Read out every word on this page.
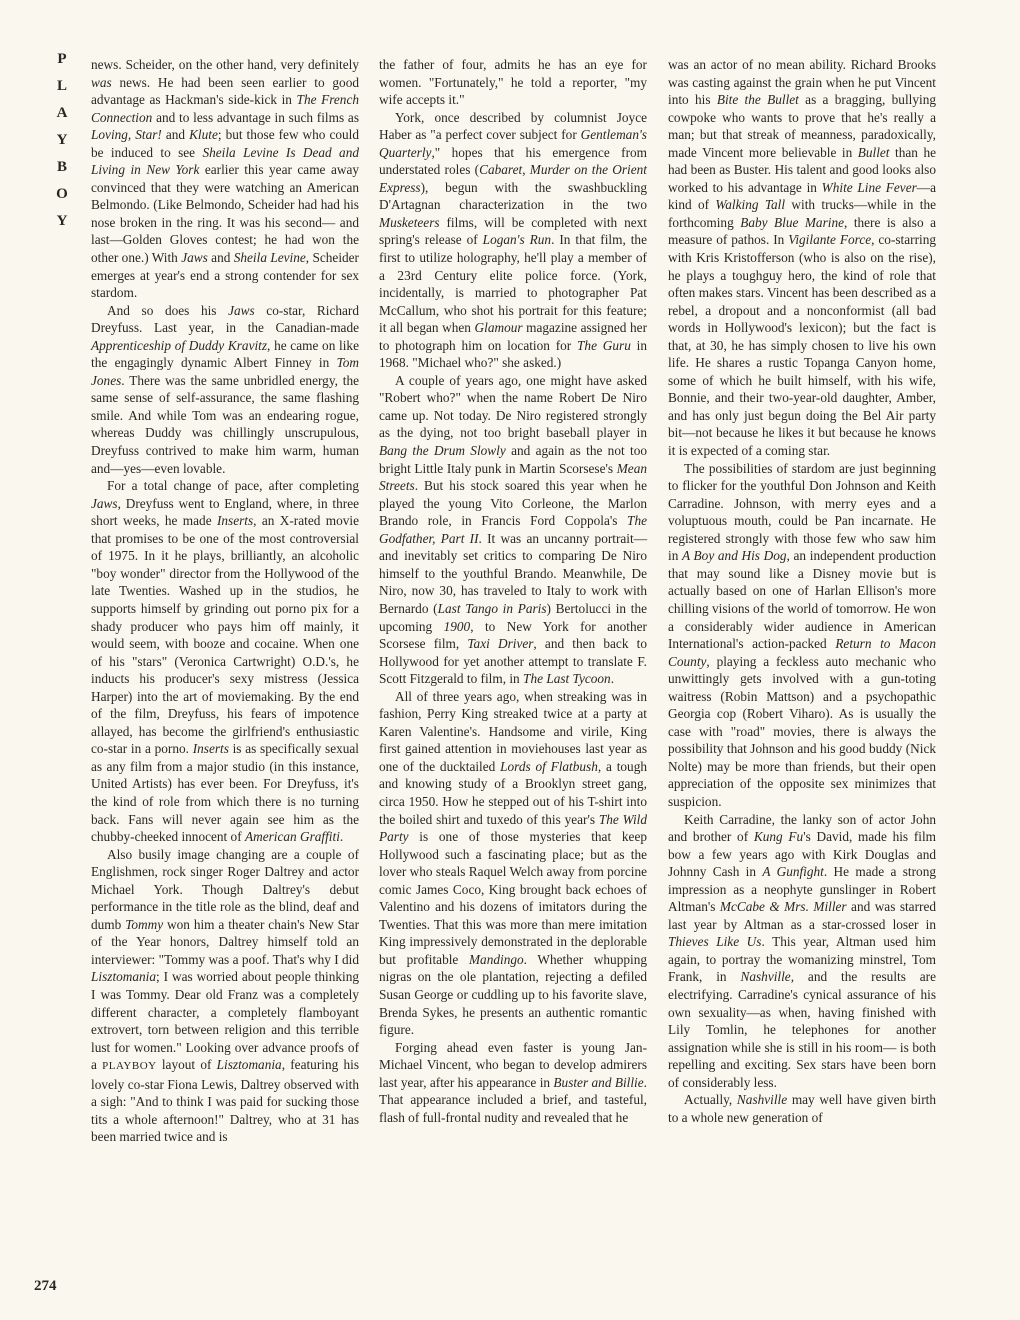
P
L
A
Y
B
O
Y
274

news. Scheider, on the other hand, very definitely was news. He had been seen earlier to good advantage as Hackman's side-kick in The French Connection and to less advantage in such films as Loving, Star! and Klute; but those few who could be induced to see Sheila Levine Is Dead and Living in New York earlier this year came away convinced that they were watching an American Belmondo. (Like Belmondo, Scheider had had his nose broken in the ring. It was his second— and last—Golden Gloves contest; he had won the other one.) With Jaws and Sheila Levine, Scheider emerges at year's end a strong contender for sex stardom.

And so does his Jaws co-star, Richard Dreyfuss. Last year, in the Canadian-made Apprenticeship of Duddy Kravitz, he came on like the engagingly dynamic Albert Finney in Tom Jones. There was the same unbridled energy, the same sense of self-assurance, the same flashing smile. And while Tom was an endearing rogue, whereas Duddy was chillingly unscrupulous, Dreyfuss contrived to make him warm, human and—yes—even lovable.

For a total change of pace, after completing Jaws, Dreyfuss went to England, where, in three short weeks, he made Inserts, an X-rated movie that promises to be one of the most controversial of 1975. In it he plays, brilliantly, an alcoholic "boy wonder" director from the Hollywood of the late Twenties. Washed up in the studios, he supports himself by grinding out porno pix for a shady producer who pays him off mainly, it would seem, with booze and cocaine. When one of his "stars" (Veronica Cartwright) O.D.'s, he inducts his producer's sexy mistress (Jessica Harper) into the art of moviemaking. By the end of the film, Dreyfuss, his fears of impotence allayed, has become the girlfriend's enthusiastic co-star in a porno. Inserts is as specifically sexual as any film from a major studio (in this instance, United Artists) has ever been. For Dreyfuss, it's the kind of role from which there is no turning back. Fans will never again see him as the chubby-cheeked innocent of American Graffiti.

Also busily image changing are a couple of Englishmen, rock singer Roger Daltrey and actor Michael York. Though Daltrey's debut performance in the title role as the blind, deaf and dumb Tommy won him a theater chain's New Star of the Year honors, Daltrey himself told an interviewer: "Tommy was a poof. That's why I did Lisztomania; I was worried about people thinking I was Tommy. Dear old Franz was a completely different character, a completely flamboyant extrovert, torn between religion and this terrible lust for women." Looking over advance proofs of a PLAYBOY layout of Lisztomania, featuring his lovely co-star Fiona Lewis, Daltrey observed with a sigh: "And to think I was paid for sucking those tits a whole afternoon!" Daltrey, who at 31 has been married twice and is

the father of four, admits he has an eye for women. "Fortunately," he told a reporter, "my wife accepts it."

York, once described by columnist Joyce Haber as "a perfect cover subject for Gentleman's Quarterly," hopes that his emergence from understated roles (Cabaret, Murder on the Orient Express), begun with the swashbuckling D'Artagnan characterization in the two Musketeers films, will be completed with next spring's release of Logan's Run. In that film, the first to utilize holography, he'll play a member of a 23rd Century elite police force. (York, incidentally, is married to photographer Pat McCallum, who shot his portrait for this feature; it all began when Glamour magazine assigned her to photograph him on location for The Guru in 1968. "Michael who?" she asked.)

A couple of years ago, one might have asked "Robert who?" when the name Robert De Niro came up. Not today. De Niro registered strongly as the dying, not too bright baseball player in Bang the Drum Slowly and again as the not too bright Little Italy punk in Martin Scorsese's Mean Streets. But his stock soared this year when he played the young Vito Corleone, the Marlon Brando role, in Francis Ford Coppola's The Godfather, Part II. It was an uncanny portrait—and inevitably set critics to comparing De Niro himself to the youthful Brando. Meanwhile, De Niro, now 30, has traveled to Italy to work with Bernardo (Last Tango in Paris) Bertolucci in the upcoming 1900, to New York for another Scorsese film, Taxi Driver, and then back to Hollywood for yet another attempt to translate F. Scott Fitzgerald to film, in The Last Tycoon.

All of three years ago, when streaking was in fashion, Perry King streaked twice at a party at Karen Valentine's. Handsome and virile, King first gained attention in moviehouses last year as one of the ducktailed Lords of Flatbush, a tough and knowing study of a Brooklyn street gang, circa 1950. How he stepped out of his T-shirt into the boiled shirt and tuxedo of this year's The Wild Party is one of those mysteries that keep Hollywood such a fascinating place; but as the lover who steals Raquel Welch away from porcine comic James Coco, King brought back echoes of Valentino and his dozens of imitators during the Twenties. That this was more than mere imitation King impressively demonstrated in the deplorable but profitable Mandingo. Whether whupping nigras on the ole plantation, rejecting a defiled Susan George or cuddling up to his favorite slave, Brenda Sykes, he presents an authentic romantic figure.

Forging ahead even faster is young Jan-Michael Vincent, who began to develop admirers last year, after his appearance in Buster and Billie. That appearance included a brief, and tasteful, flash of full-frontal nudity and revealed that he

was an actor of no mean ability. Richard Brooks was casting against the grain when he put Vincent into his Bite the Bullet as a bragging, bullying cowpoke who wants to prove that he's really a man; but that streak of meanness, paradoxically, made Vincent more believable in Bullet than he had been as Buster. His talent and good looks also worked to his advantage in White Line Fever—a kind of Walking Tall with trucks—while in the forthcoming Baby Blue Marine, there is also a measure of pathos. In Vigilante Force, co-starring with Kris Kristofferson (who is also on the rise), he plays a toughguy hero, the kind of role that often makes stars. Vincent has been described as a rebel, a dropout and a nonconformist (all bad words in Hollywood's lexicon); but the fact is that, at 30, he has simply chosen to live his own life. He shares a rustic Topanga Canyon home, some of which he built himself, with his wife, Bonnie, and their two-year-old daughter, Amber, and has only just begun doing the Bel Air party bit—not because he likes it but because he knows it is expected of a coming star.

The possibilities of stardom are just beginning to flicker for the youthful Don Johnson and Keith Carradine. Johnson, with merry eyes and a voluptuous mouth, could be Pan incarnate. He registered strongly with those few who saw him in A Boy and His Dog, an independent production that may sound like a Disney movie but is actually based on one of Harlan Ellison's more chilling visions of the world of tomorrow. He won a considerably wider audience in American International's action-packed Return to Macon County, playing a feckless auto mechanic who unwittingly gets involved with a gun-toting waitress (Robin Mattson) and a psychopathic Georgia cop (Robert Viharo). As is usually the case with "road" movies, there is always the possibility that Johnson and his good buddy (Nick Nolte) may be more than friends, but their open appreciation of the opposite sex minimizes that suspicion.

Keith Carradine, the lanky son of actor John and brother of Kung Fu's David, made his film bow a few years ago with Kirk Douglas and Johnny Cash in A Gunfight. He made a strong impression as a neophyte gunslinger in Robert Altman's McCabe & Mrs. Miller and was starred last year by Altman as a star-crossed loser in Thieves Like Us. This year, Altman used him again, to portray the womanizing minstrel, Tom Frank, in Nashville, and the results are electrifying. Carradine's cynical assurance of his own sexuality—as when, having finished with Lily Tomlin, he telephones for another assignation while she is still in his room— is both repelling and exciting. Sex stars have been born of considerably less.

Actually, Nashville may well have given birth to a whole new generation of
